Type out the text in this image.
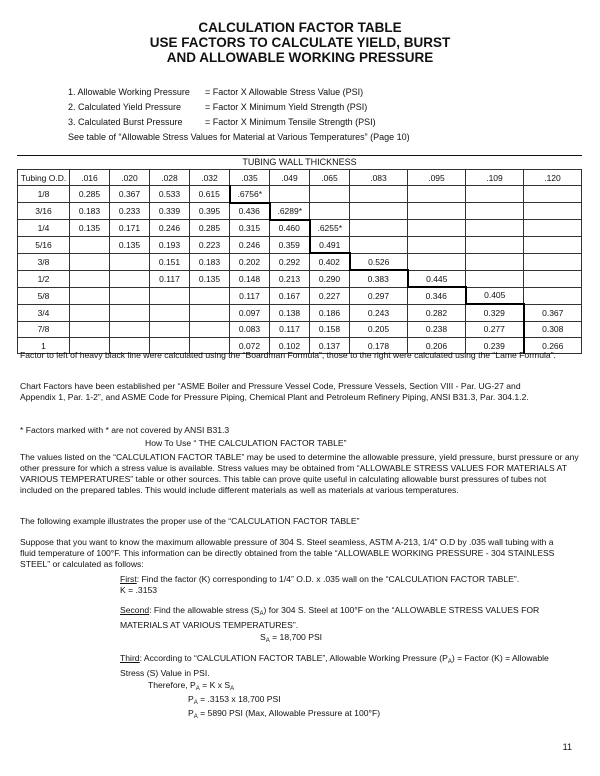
CALCULATION FACTOR TABLE
USE FACTORS TO CALCULATE YIELD, BURST
AND ALLOWABLE WORKING PRESSURE
1. Allowable Working Pressure = Factor X Allowable Stress Value (PSI)
2. Calculated Yield Pressure	= Factor X Minimum Yield Strength (PSI)
3. Calculated Burst Pressure = Factor X Minimum Tensile Strength (PSI)
See table of “Allowable Stress Values for Material at Various Temperatures” (Page 10)
TUBING WALL THICKNESS
Tubing O.D.	.016	.020	.028	.032	.035	.049	.065	.083	.095	.109	.120
1/8	0.285	0.367	0.533	0.615	.6756*						
3/16	0.183	0.233	0.339	0.395	0.436	.6289*					
1/4	0.135	0.171	0.246	0.285	0.315	0.460	.6255*				
5/16		0.135	0.193	0.223	0.246	0.359	0.491				
3/8			0.151	0.183	0.202	0.292	0.402	0.526			
1/2			0.117	0.135	0.148	0.213	0.290	0.383	0.445		
5/8					0.117	0.167	0.227	0.297	0.346	0.405	
3/4					0.097	0.138	0.186	0.243	0.282	0.329	0.367
7/8					0.083	0.117	0.158	0.205	0.238	0.277	0.308
1					0.072	0.102	0.137	0.178	0.206	0.239	0.266
Factor to left of heavy black line were calculated using the “Boardman Formula”, those to the right were calculated using the “Lame Formula”.
Chart Factors have been established per “ASME Boiler and Pressure Vessel Code, Pressure Vessels, Section VIII - Par. UG-27 and Appendix 1, Par. 1-2”, and ASME Code for Pressure Piping, Chemical Plant and Petroleum Refinery Piping, ANSI B31.3, Par. 304.1.2.
* Factors marked with * are not covered by ANSI B31.3
How To Use “ THE CALCULATION FACTOR TABLE”
The values listed on the “CALCULATION FACTOR TABLE” may be used to determine the allowable pressure, yield pressure, burst pressure or any other pressure for which a stress value is available. Stress values may be obtained from “ALLOWABLE STRESS VALUES FOR MATERIALS AT VARIOUS TEMPERATURES” table or other sources. This table can prove quite useful in calculating allowable burst pressures of tubes not included on the prepared tables. This would include different materials as well as materials at various temperatures.
The following example illustrates the proper use of the “CALCULATION FACTOR TABLE”
Suppose that you want to know the maximum allowable pressure of 304 S. Steel seamless, ASTM A-213, 1/4” O.D by .035 wall tubing with a fluid temperature of 100°F. This information can be directly obtained from the table “ALLOWABLE WORKING PRESSURE - 304 STAINLESS STEEL” or calculated as follows:
First: Find the factor (K) corresponding to 1/4” O.D. x .035 wall on the “CALCULATION FACTOR TABLE”.
K = .3153
Second: Find the allowable stress $(S_A)$ for 304 S. Steel at 100°F on the “ALLOWABLE STRESS VALUES FOR MATERIALS AT VARIOUS TEMPERATURES”.
$S_A = 18,700$ PSI
Third: According to “CALCULATION FACTOR TABLE”, Allowable Working Pressure $(P_A)$ = Factor (K) = Allowable Stress (S) Value in PSI.
Therefore, $P_A = K$ x $S_A$
$P_A = .3153$ x 18,700 PSI
$P_A = 5890$ PSI (Max, Allowable Pressure at 100°F)
11
